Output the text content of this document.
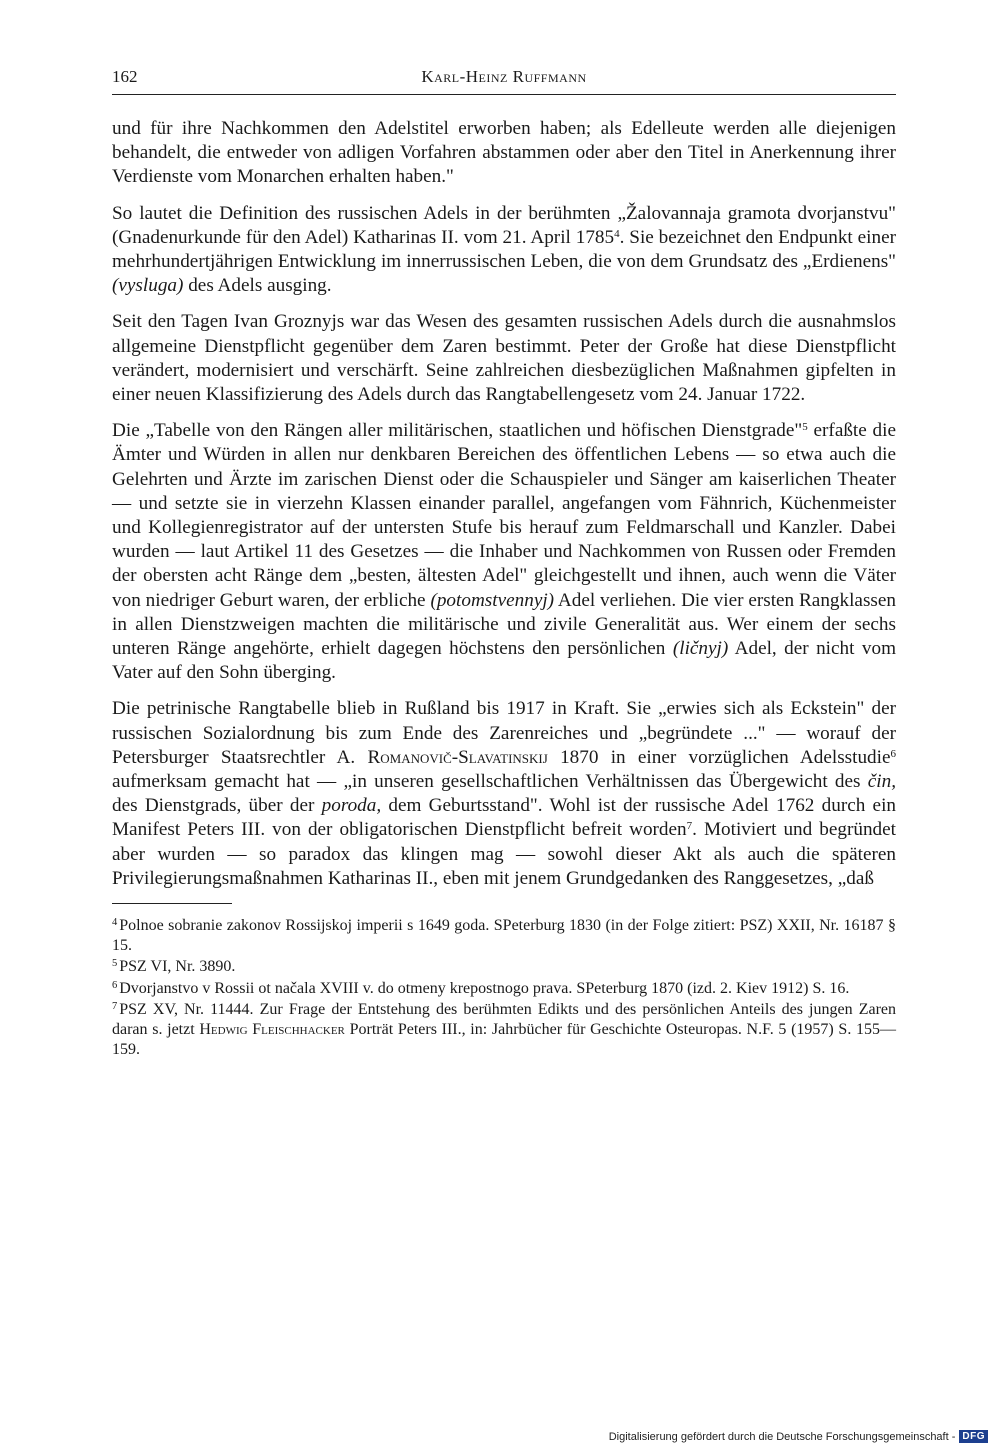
162	Karl-Heinz Ruffmann

und für ihre Nachkommen den Adelstitel erworben haben; als Edelleute werden alle diejenigen behandelt, die entweder von adligen Vorfahren abstammen oder aber den Titel in Anerkennung ihrer Verdienste vom Monarchen erhalten haben."

So lautet die Definition des russischen Adels in der berühmten „Žalovannaja gramota dvorjanstvu" (Gnadenurkunde für den Adel) Katharinas II. vom 21. April 1785$^4$. Sie bezeichnet den Endpunkt einer mehrhundertjährigen Entwicklung im innerrussischen Leben, die von dem Grundsatz des „Erdienens" (vysluga) des Adels ausging.

Seit den Tagen Ivan Groznyjs war das Wesen des gesamten russischen Adels durch die ausnahmslos allgemeine Dienstpflicht gegenüber dem Zaren bestimmt. Peter der Große hat diese Dienstpflicht verändert, modernisiert und verschärft. Seine zahlreichen diesbezüglichen Maßnahmen gipfelten in einer neuen Klassifizierung des Adels durch das Rangtabellengesetz vom 24. Januar 1722.

Die „Tabelle von den Rängen aller militärischen, staatlichen und höfischen Dienstgrade"$^5$ erfaßte die Ämter und Würden in allen nur denkbaren Bereichen des öffentlichen Lebens — so etwa auch die Gelehrten und Ärzte im zarischen Dienst oder die Schauspieler und Sänger am kaiserlichen Theater — und setzte sie in vierzehn Klassen einander parallel, angefangen vom Fähnrich, Küchenmeister und Kollegienregistrator auf der untersten Stufe bis herauf zum Feldmarschall und Kanzler. Dabei wurden — laut Artikel 11 des Gesetzes — die Inhaber und Nachkommen von Russen oder Fremden der obersten acht Ränge dem „besten, ältesten Adel" gleichgestellt und ihnen, auch wenn die Väter von niedriger Geburt waren, der erbliche (potomstvennyj) Adel verliehen. Die vier ersten Rangklassen in allen Dienstzweigen machten die militärische und zivile Generalität aus. Wer einem der sechs unteren Ränge angehörte, erhielt dagegen höchstens den persönlichen (ličnyj) Adel, der nicht vom Vater auf den Sohn überging.

Die petrinische Rangtabelle blieb in Rußland bis 1917 in Kraft. Sie „erwies sich als Eckstein" der russischen Sozialordnung bis zum Ende des Zarenreiches und „begründete ..." — worauf der Petersburger Staatsrechtler A. Romanovič-Slavatinskij 1870 in einer vorzüglichen Adelsstudie$^6$ aufmerksam gemacht hat — „in unseren gesellschaftlichen Verhältnissen das Übergewicht des čin, des Dienstgrads, über der poroda, dem Geburtsstand". Wohl ist der russische Adel 1762 durch ein Manifest Peters III. von der obligatorischen Dienstpflicht befreit worden$^7$. Motiviert und begründet aber wurden — so paradox das klingen mag — sowohl dieser Akt als auch die späteren Privilegierungsmaßnahmen Katharinas II., eben mit jenem Grundgedanken des Ranggesetzes, „daß

$^4$ Polnoe sobranie zakonov Rossijskoj imperii s 1649 goda. SPeterburg 1830 (in der Folge zitiert: PSZ) XXII, Nr. 16187 § 15.
$^5$ PSZ VI, Nr. 3890.
$^6$ Dvorjanstvo v Rossii ot načala XVIII v. do otmeny krepostnogo prava. SPeterburg 1870 (izd. 2. Kiev 1912) S. 16.
$^7$ PSZ XV, Nr. 11444. Zur Frage der Entstehung des berühmten Edikts und des persönlichen Anteils des jungen Zaren daran s. jetzt Hedwig Fleischhacker Porträt Peters III., in: Jahrbücher für Geschichte Osteuropas. N.F. 5 (1957) S. 155—159.
Digitalisierung gefördert durch die Deutsche Forschungsgemeinschaft - DFG
